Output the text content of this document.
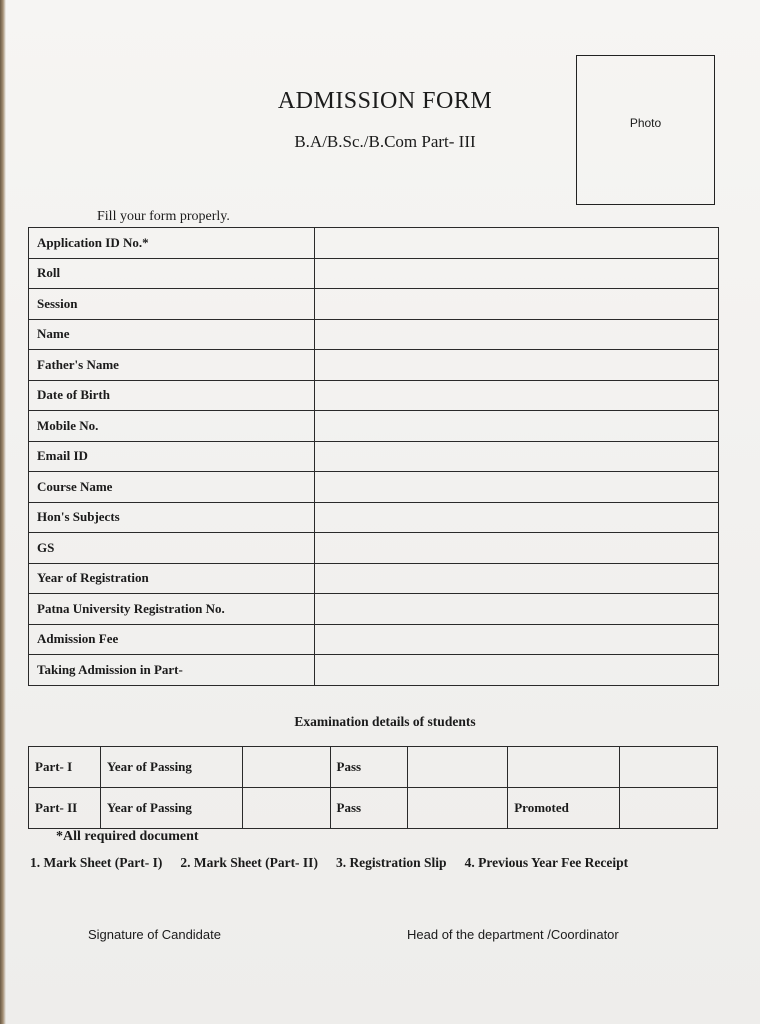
ADMISSION FORM
B.A/B.Sc./B.Com Part- III
Photo
Fill your form properly.
Application ID No.*	
Roll	
Session	
Name	
Father's Name	
Date of Birth	
Mobile No.	
Email ID	
Course Name	
Hon's Subjects	
GS	
Year of Registration	
Patna University Registration No.	
Admission Fee	
Taking Admission in Part-	
Examination details of students
Part- I	Year of Passing		Pass			
Part- II	Year of Passing		Pass		Promoted	
*All required document
1. Mark Sheet (Part- I) 2. Mark Sheet (Part- II) 3. Registration Slip 4. Previous Year Fee Receipt
Signature of Candidate	Head of the department /Coordinator
